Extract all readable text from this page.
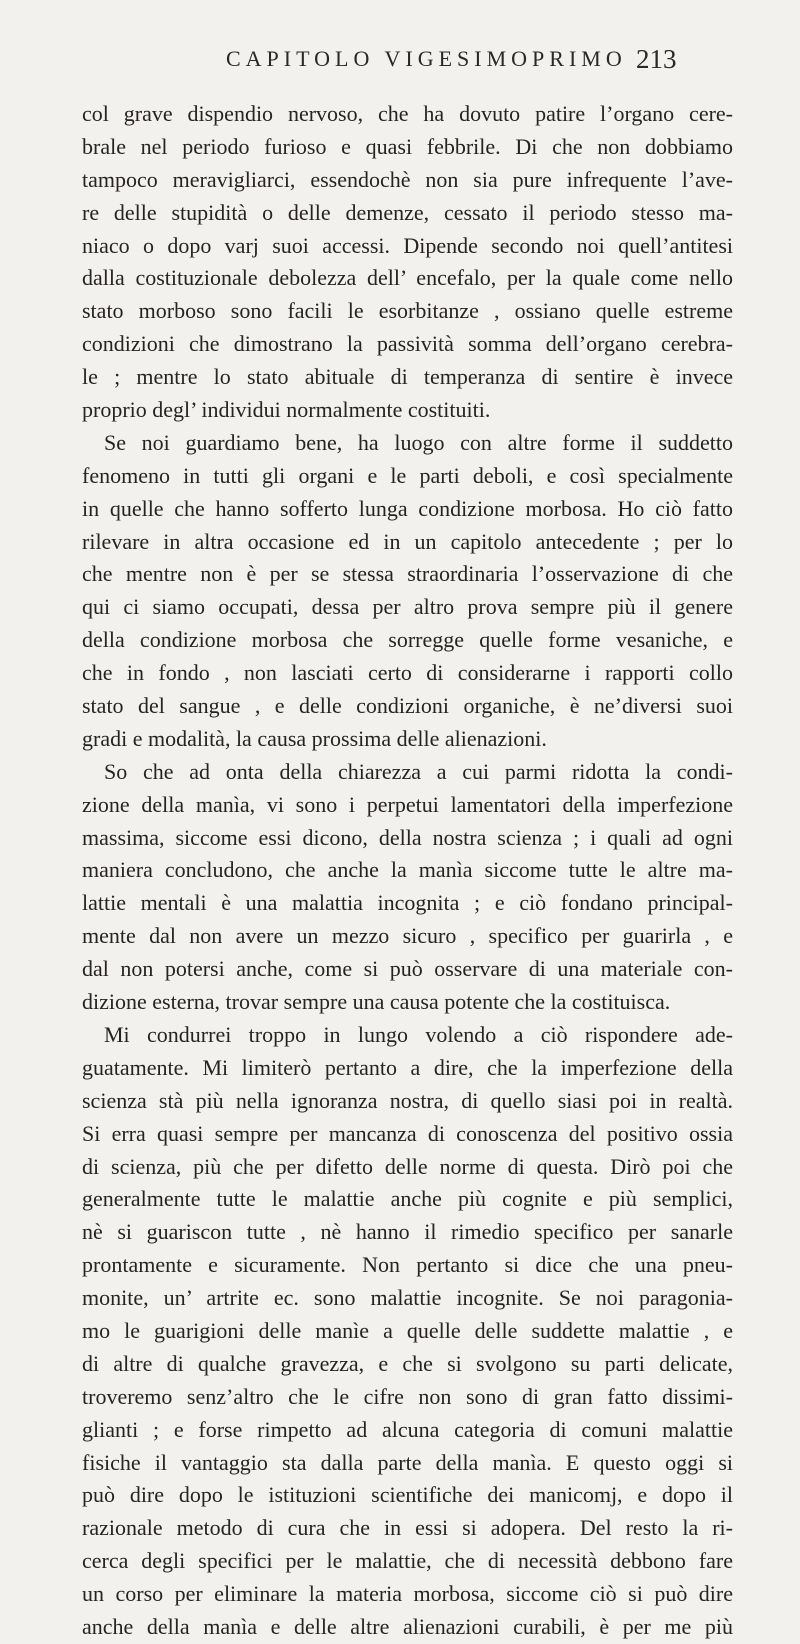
CAPITOLO VIGESIMOPRIMO 213
col grave dispendio nervoso, che ha dovuto patire l’organo cere-
brale nel periodo furioso e quasi febbrile. Di che non dobbiamo
tampoco meravigliarci, essendochè non sia pure infrequente l’ave-
re delle stupidità o delle demenze, cessato il periodo stesso ma-
niaco o dopo varj suoi accessi. Dipende secondo noi quell’antitesi
dalla costituzionale debolezza dell’ encefalo, per la quale come nello
stato morboso sono facili le esorbitanze , ossiano quelle estreme
condizioni che dimostrano la passività somma dell’organo cerebra-
le ; mentre lo stato abituale di temperanza di sentire è invece
proprio degl’ individui normalmente costituiti.
Se noi guardiamo bene, ha luogo con altre forme il suddetto
fenomeno in tutti gli organi e le parti deboli, e così specialmente
in quelle che hanno sofferto lunga condizione morbosa. Ho ciò fatto
rilevare in altra occasione ed in un capitolo antecedente ; per lo
che mentre non è per se stessa straordinaria l’osservazione di che
qui ci siamo occupati, dessa per altro prova sempre più il genere
della condizione morbosa che sorregge quelle forme vesaniche, e
che in fondo , non lasciati certo di considerarne i rapporti collo
stato del sangue , e delle condizioni organiche, è ne’diversi suoi
gradi e modalità, la causa prossima delle alienazioni.
So che ad onta della chiarezza a cui parmi ridotta la condi-
zione della manìa, vi sono i perpetui lamentatori della imperfezione
massima, siccome essi dicono, della nostra scienza ; i quali ad ogni
maniera concludono, che anche la manìa siccome tutte le altre ma-
lattie mentali è una malattia incognita ; e ciò fondano principal-
mente dal non avere un mezzo sicuro , specifico per guarirla , e
dal non potersi anche, come si può osservare di una materiale con-
dizione esterna, trovar sempre una causa potente che la costituisca.
Mi condurrei troppo in lungo volendo a ciò rispondere ade-
guatamente. Mi limiterò pertanto a dire, che la imperfezione della
scienza stà più nella ignoranza nostra, di quello siasi poi in realtà.
Si erra quasi sempre per mancanza di conoscenza del positivo ossia
di scienza, più che per difetto delle norme di questa. Dirò poi che
generalmente tutte le malattie anche più cognite e più semplici,
nè si guariscon tutte , nè hanno il rimedio specifico per sanarle
prontamente e sicuramente. Non pertanto si dice che una pneu-
monite, un’ artrite ec. sono malattie incognite. Se noi paragonia-
mo le guarigioni delle manìe a quelle delle suddette malattie , e
di altre di qualche gravezza, e che si svolgono su parti delicate,
troveremo senz’altro che le cifre non sono di gran fatto dissimi-
glianti ; e forse rimpetto ad alcuna categoria di comuni malattie
fisiche il vantaggio sta dalla parte della manìa. E questo oggi si
può dire dopo le istituzioni scientifiche dei manicomj, e dopo il
razionale metodo di cura che in essi si adopera. Del resto la ri-
cerca degli specifici per le malattie, che di necessità debbono fare
un corso per eliminare la materia morbosa, siccome ciò si può dire
anche della manìa e delle altre alienazioni curabili, è per me più
